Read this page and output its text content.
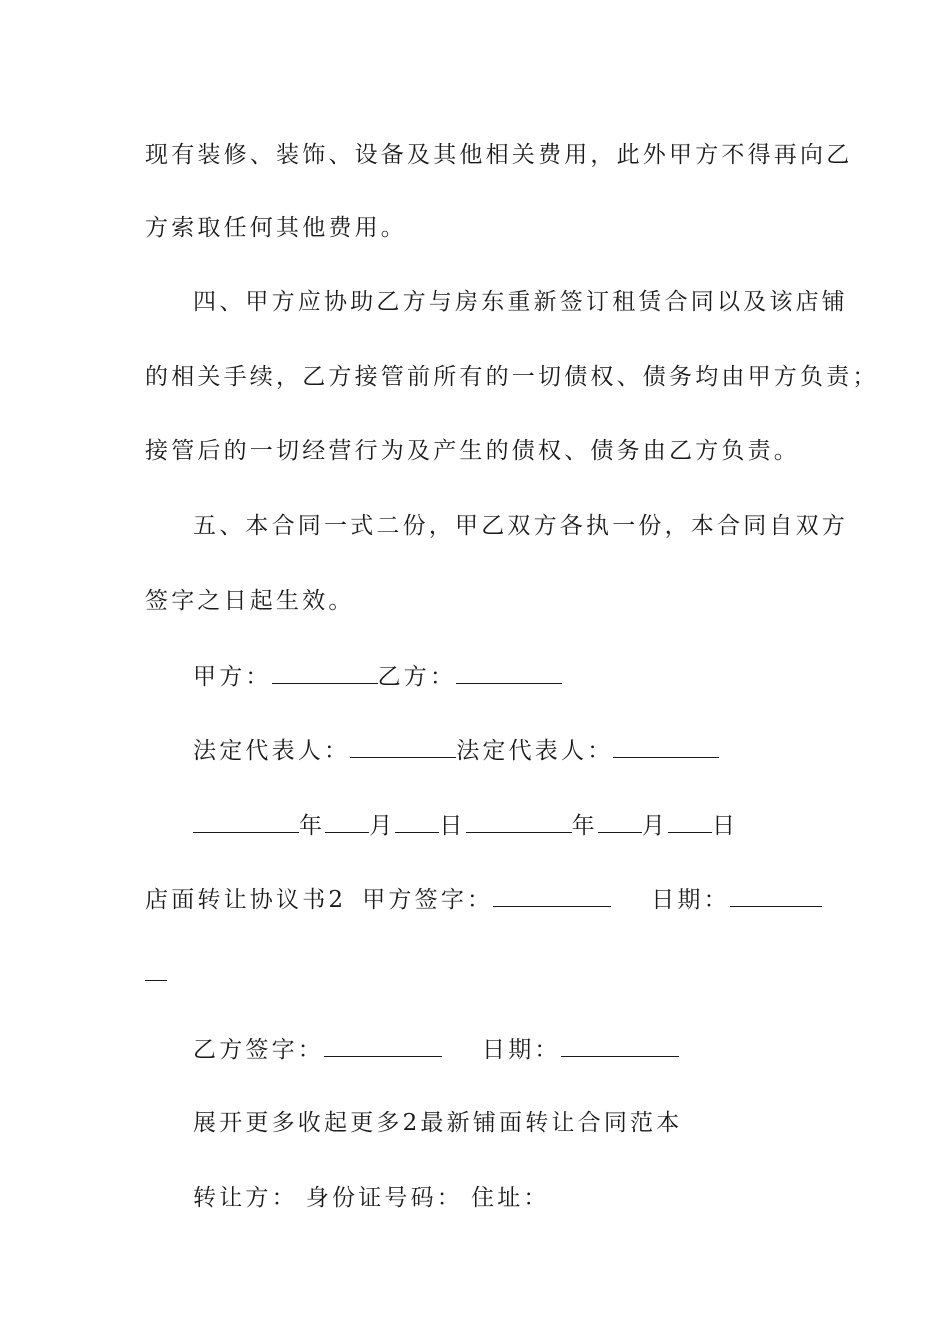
现有装修、装饰、设备及其他相关费用，此外甲方不得再向乙
方索取任何其他费用。
四、甲方应协助乙方与房东重新签订租赁合同以及该店铺
的相关手续，乙方接管前所有的一切债权、债务均由甲方负责；
接管后的一切经营行为及产生的债权、债务由乙方负责。
五、本合同一式二份，甲乙双方各执一份，本合同自双方
签字之日起生效。
甲方：	乙方：
法定代表人：	法定代表人：
年 月 日	年 月 日
店面转让协议书2 甲方签字：	日期：
乙方签字：	日期：
展开更多收起更多2最新铺面转让合同范本
转让方： 身份证号码： 住址：
